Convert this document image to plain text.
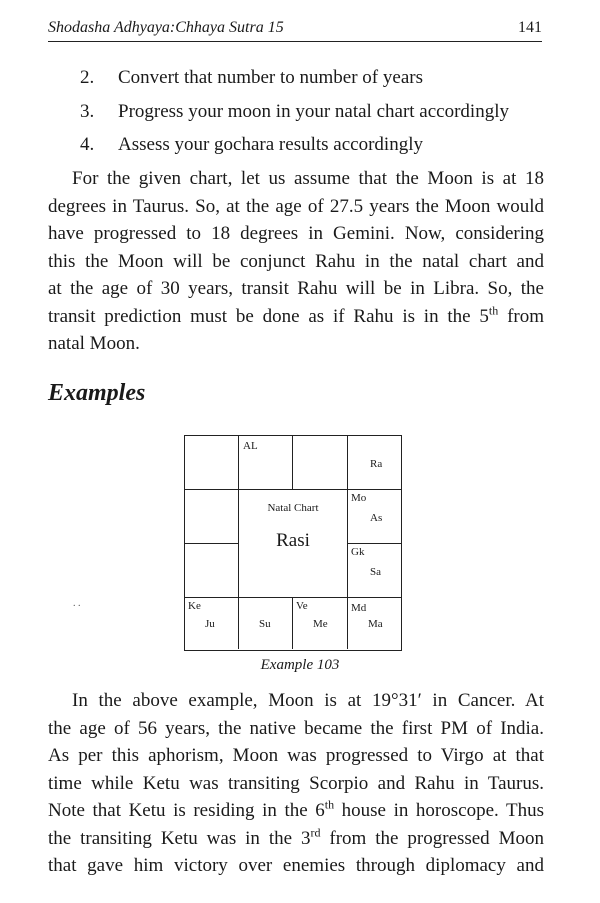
Shodasha Adhyaya:Chhaya Sutra 15	141
2. Convert that number to number of years
3. Progress your moon in your natal chart accordingly
4. Assess your gochara results accordingly
For the given chart, let us assume that the Moon is at 18
degrees in Taurus. So, at the age of 27.5 years the Moon would
have progressed to 18 degrees in Gemini. Now, considering
this the Moon will be conjunct Rahu in the natal chart and
at the age of 30 years, transit Rahu will be in Libra. So, the
transit prediction must be done as if Rahu is in the 5th from
natal Moon.
Examples
AL
Ra
Mo
As
Gk
Sa
Natal Chart
Rasi
Ke
Ju	Su
Ve
Me
Md
Ma
. .
Example 103
In the above example, Moon is at 19°31′ in Cancer. At
the age of 56 years, the native became the first PM of India.
As per this aphorism, Moon was progressed to Virgo at that
time while Ketu was transiting Scorpio and Rahu in Taurus.
Note that Ketu is residing in the 6th house in horoscope. Thus
the transiting Ketu was in the 3rd from the progressed Moon
that gave him victory over enemies through diplomacy and
